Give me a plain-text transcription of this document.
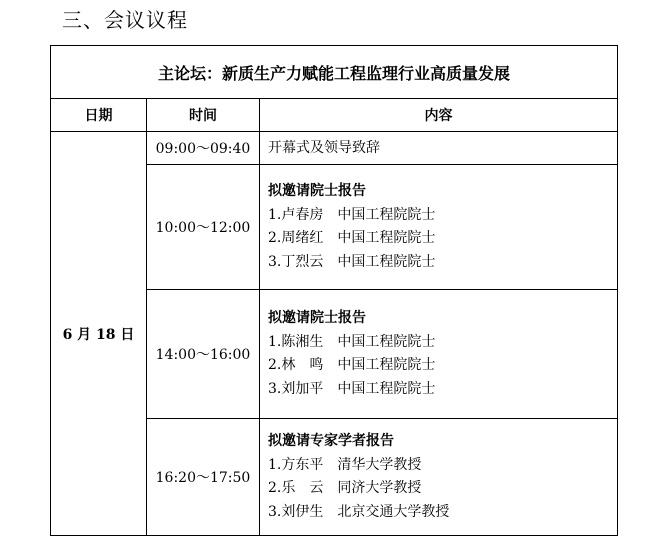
三、会议议程
主论坛：新质生产力赋能工程监理行业高质量发展		
日期	时间	内容
6 月 18 日	09:00～09:40	开幕式及领导致辞

	10:00～12:00	拟邀请院士报告
1.卢春房　中国工程院院士
2.周绪红　中国工程院院士
3.丁烈云　中国工程院院士

	14:00～16:00	拟邀请院士报告
1.陈湘生　中国工程院院士
2.林　鸣　中国工程院院士
3.刘加平　中国工程院院士

	16:20～17:50	拟邀请专家学者报告
1.方东平　清华大学教授
2.乐　云　同济大学教授
3.刘伊生　北京交通大学教授
